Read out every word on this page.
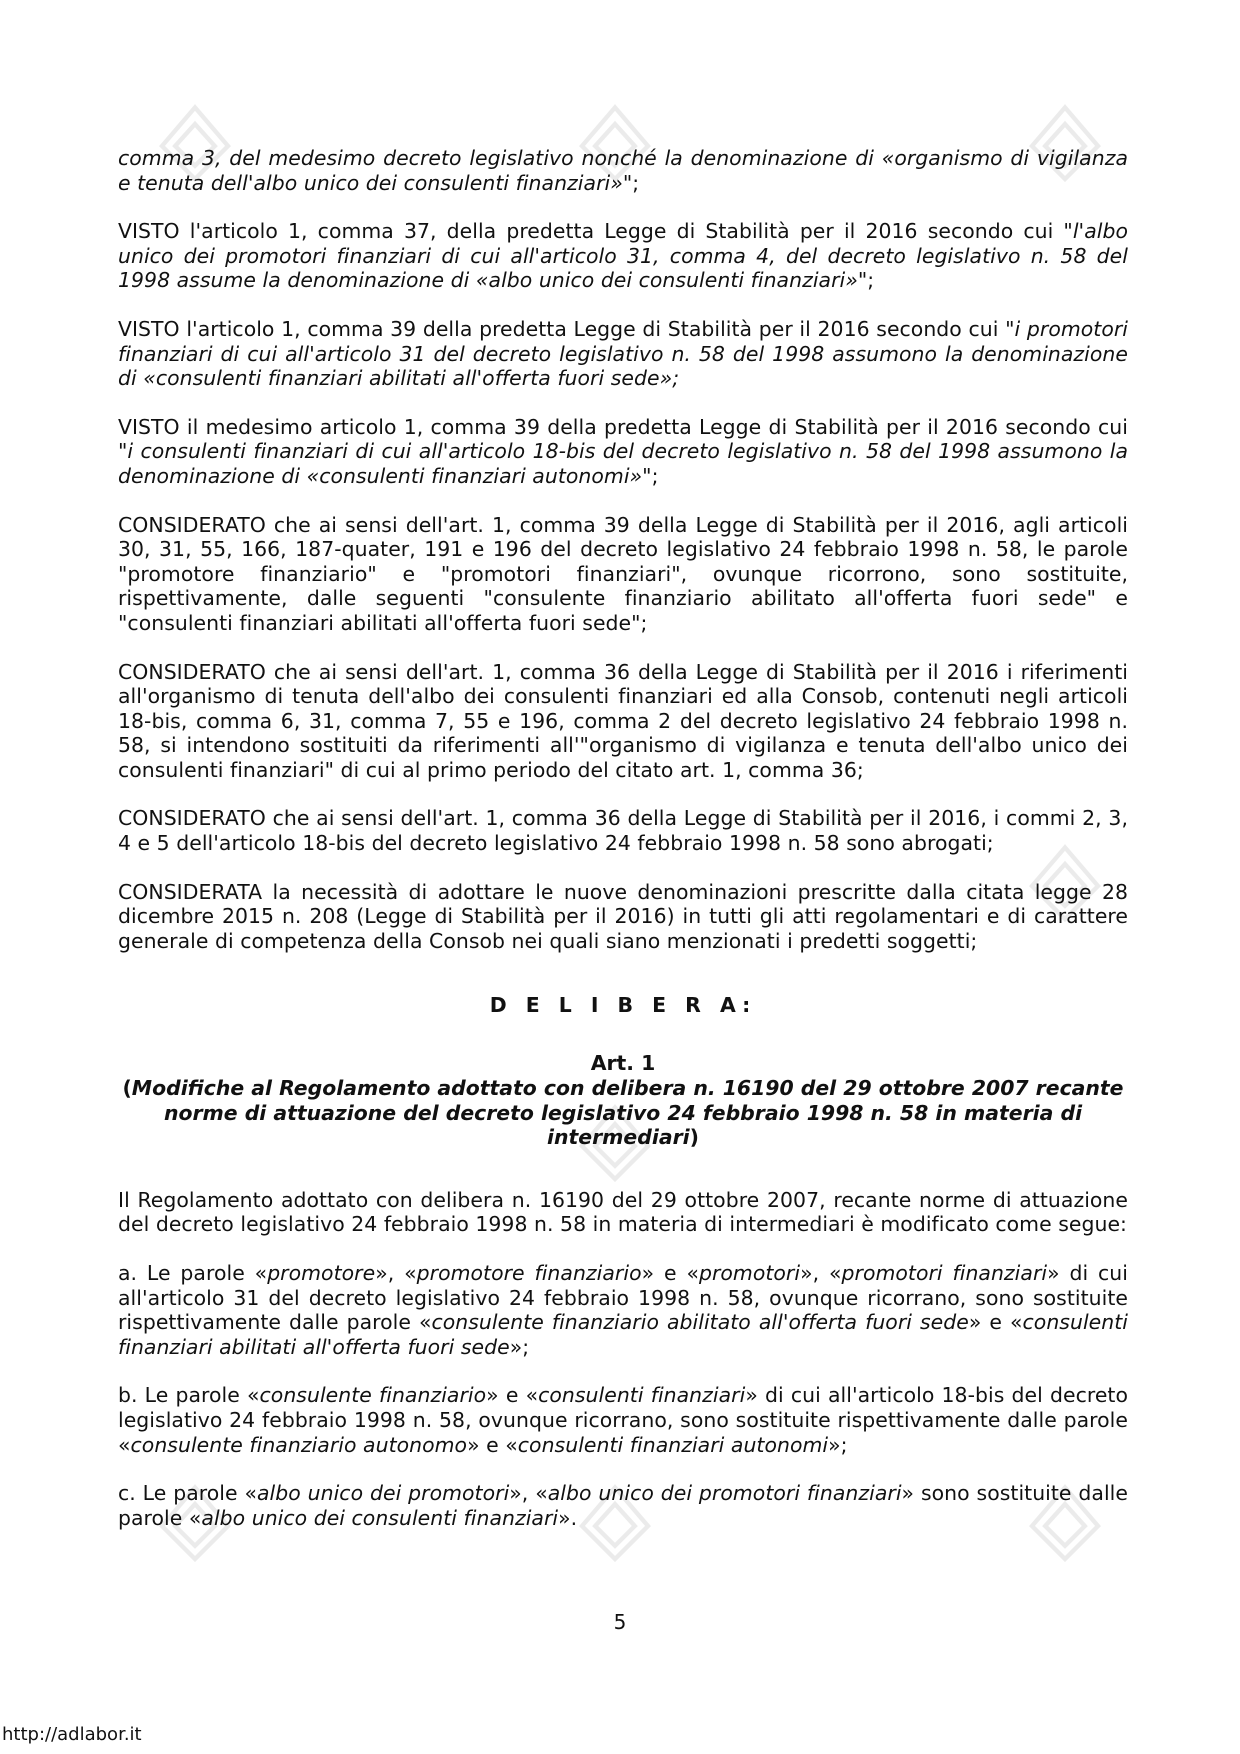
comma 3, del medesimo decreto legislativo nonché la denominazione di «organismo di vigilanza e tenuta dell'albo unico dei consulenti finanziari»";

VISTO l'articolo 1, comma 37, della predetta Legge di Stabilità per il 2016 secondo cui "l'albo unico dei promotori finanziari di cui all'articolo 31, comma 4, del decreto legislativo n. 58 del 1998 assume la denominazione di «albo unico dei consulenti finanziari»";

VISTO l'articolo 1, comma 39 della predetta Legge di Stabilità per il 2016 secondo cui "i promotori finanziari di cui all'articolo 31 del decreto legislativo n. 58 del 1998 assumono la denominazione di «consulenti finanziari abilitati all'offerta fuori sede»;

VISTO il medesimo articolo 1, comma 39 della predetta Legge di Stabilità per il 2016 secondo cui "i consulenti finanziari di cui all'articolo 18-bis del decreto legislativo n. 58 del 1998 assumono la denominazione di «consulenti finanziari autonomi»";

CONSIDERATO che ai sensi dell'art. 1, comma 39 della Legge di Stabilità per il 2016, agli articoli 30, 31, 55, 166, 187-quater, 191 e 196 del decreto legislativo 24 febbraio 1998 n. 58, le parole "promotore finanziario" e "promotori finanziari", ovunque ricorrono, sono sostituite, rispettivamente, dalle seguenti "consulente finanziario abilitato all'offerta fuori sede" e "consulenti finanziari abilitati all'offerta fuori sede";

CONSIDERATO che ai sensi dell'art. 1, comma 36 della Legge di Stabilità per il 2016 i riferimenti all'organismo di tenuta dell'albo dei consulenti finanziari ed alla Consob, contenuti negli articoli 18-bis, comma 6, 31, comma 7, 55 e 196, comma 2 del decreto legislativo 24 febbraio 1998 n. 58, si intendono sostituiti da riferimenti all'"organismo di vigilanza e tenuta dell'albo unico dei consulenti finanziari" di cui al primo periodo del citato art. 1, comma 36;

CONSIDERATO che ai sensi dell'art. 1, comma 36 della Legge di Stabilità per il 2016, i commi 2, 3, 4 e 5 dell'articolo 18-bis del decreto legislativo 24 febbraio 1998 n. 58 sono abrogati;

CONSIDERATA la necessità di adottare le nuove denominazioni prescritte dalla citata legge 28 dicembre 2015 n. 208 (Legge di Stabilità per il 2016) in tutti gli atti regolamentari e di carattere generale di competenza della Consob nei quali siano menzionati i predetti soggetti;

D E L I B E R A:
Art. 1
(Modifiche al Regolamento adottato con delibera n. 16190 del 29 ottobre 2007 recante norme di attuazione del decreto legislativo 24 febbraio 1998 n. 58 in materia di intermediari)

Il Regolamento adottato con delibera n. 16190 del 29 ottobre 2007, recante norme di attuazione del decreto legislativo 24 febbraio 1998 n. 58 in materia di intermediari è modificato come segue:

a. Le parole «promotore», «promotore finanziario» e «promotori», «promotori finanziari» di cui all'articolo 31 del decreto legislativo 24 febbraio 1998 n. 58, ovunque ricorrano, sono sostituite rispettivamente dalle parole «consulente finanziario abilitato all'offerta fuori sede» e «consulenti finanziari abilitati all'offerta fuori sede»;

b. Le parole «consulente finanziario» e «consulenti finanziari» di cui all'articolo 18-bis del decreto legislativo 24 febbraio 1998 n. 58, ovunque ricorrano, sono sostituite rispettivamente dalle parole «consulente finanziario autonomo» e «consulenti finanziari autonomi»;

c. Le parole «albo unico dei promotori», «albo unico dei promotori finanziari» sono sostituite dalle parole «albo unico dei consulenti finanziari».

5
http://adlabor.it
